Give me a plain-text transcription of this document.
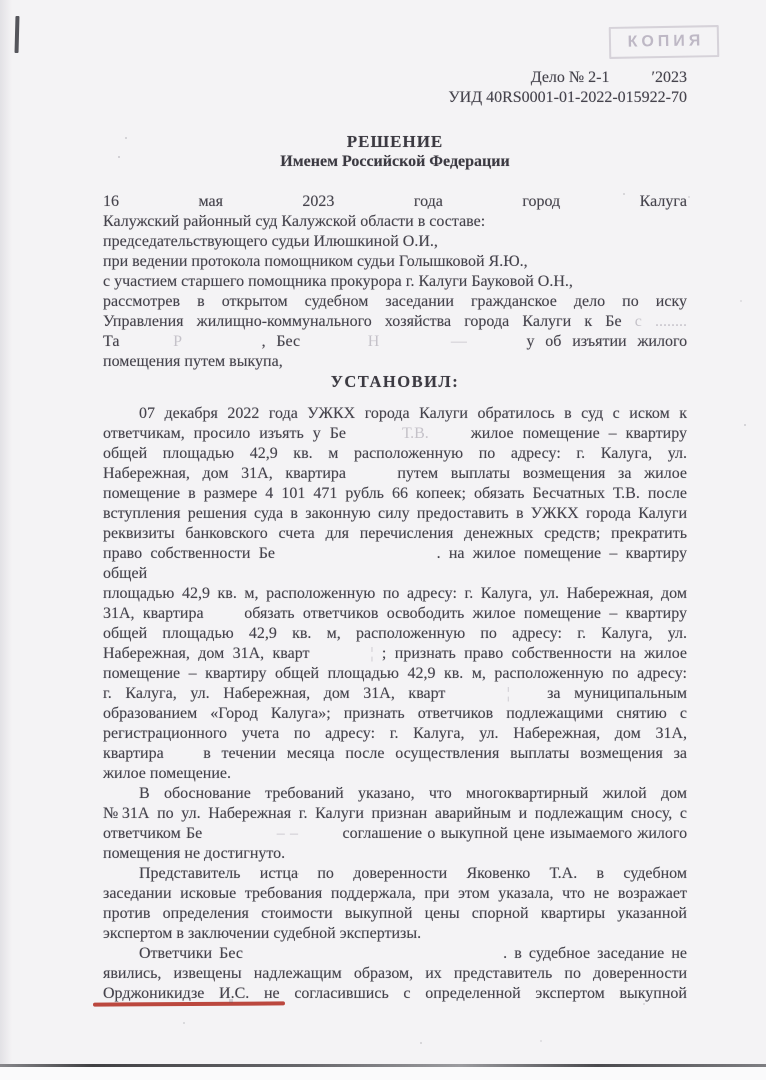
КОПИЯ
Дело № 2-1	′2023
УИД 40RS0001-01-2022-015922-70
РЕШЕНИЕ
Именем Российской Федерации
16 мая 2023 года	город Калуга
Калужский районный суд Калужской области в составе:
председательствующего судьи Илюшкиной О.И.,
при ведении протокола помощником судьи Голышковой Я.Ю.,
с участием старшего помощника прокурора г. Калуги Бауковой О.Н.,
рассмотрев в открытом судебном заседании гражданское дело по иску
Управления жилищно-коммунального хозяйства города Калуги к Бе с ........
Та	Р	, Бес	Н	—	у об изъятии жилого
помещения путем выкупа,
УСТАНОВИЛ:
07 декабря 2022 года УЖКХ города Калуги обратилось в суд с иском к
ответчикам, просило изъять у Бе	Т.В.	жилое помещение – квартиру
общей площадью 42,9 кв. м расположенную по адресу: г. Калуга, ул.
Набережная, дом 31А, квартира	путем выплаты возмещения за жилое
помещение в размере 4 101 471 рубль 66 копеек; обязать Бесчатных Т.В. после
вступления решения суда в законную силу предоставить в УЖКХ города Калуги
реквизиты банковского счета для перечисления денежных средств; прекратить
право собственности Бе	. на жилое помещение – квартиру общей
площадью 42,9 кв. м, расположенную по адресу: г. Калуга, ул. Набережная, дом
31А, квартира	обязать ответчиков освободить жилое помещение – квартиру
общей площадью 42,9 кв. м, расположенную по адресу: г. Калуга, ул.
Набережная, дом 31А, кварт	¦ ; признать право собственности на жилое
помещение – квартиру общей площадью 42,9 кв. м, расположенную по адресу:
г. Калуга, ул. Набережная, дом 31А, кварт	¦ за муниципальным
образованием «Город Калуга»; признать ответчиков подлежащими снятию с
регистрационного учета по адресу: г. Калуга, ул. Набережная, дом 31А,
квартира в течении месяца после осуществления выплаты возмещения за
жилое помещение.
В обоснование требований указано, что многоквартирный жилой дом
№31А по ул. Набережная г. Калуги признан аварийным и подлежащим сносу, с
ответчиком Бе	– –	соглашение о выкупной цене изымаемого жилого
помещения не достигнуто.
Представитель истца по доверенности Яковенко Т.А. в судебном
заседании исковые требования поддержала, при этом указала, что не возражает
против определения стоимости выкупной цены спорной квартиры указанной
экспертом в заключении судебной экспертизы.
Ответчики Бес	. в судебное заседание не
явились, извещены надлежащим образом, их представитель по доверенности
Орджоникидзе И.С. не согласившись с определенной экспертом выкупной
